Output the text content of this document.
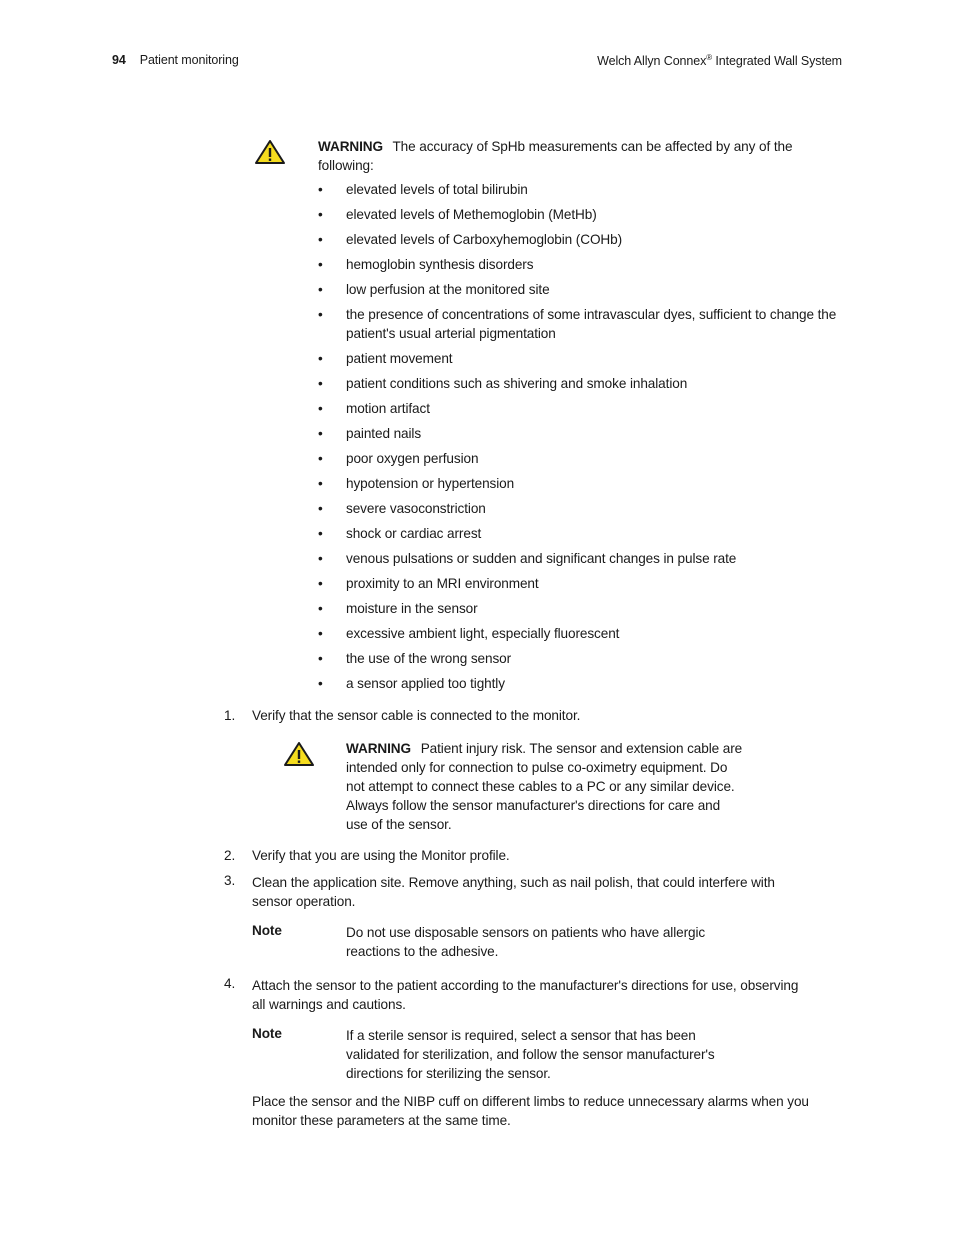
94 Patient monitoring	Welch Allyn Connex® Integrated Wall System
WARNING The accuracy of SpHb measurements can be affected by any of the
following:
• elevated levels of total bilirubin
• elevated levels of Methemoglobin (MetHb)
• elevated levels of Carboxyhemoglobin (COHb)
• hemoglobin synthesis disorders
• low perfusion at the monitored site
• the presence of concentrations of some intravascular dyes, sufficient to change the
patient's usual arterial pigmentation
• patient movement
• patient conditions such as shivering and smoke inhalation
• motion artifact
• painted nails
• poor oxygen perfusion
• hypotension or hypertension
• severe vasoconstriction
• shock or cardiac arrest
• venous pulsations or sudden and significant changes in pulse rate
• proximity to an MRI environment
• moisture in the sensor
• excessive ambient light, especially fluorescent
• the use of the wrong sensor
• a sensor applied too tightly
1. Verify that the sensor cable is connected to the monitor.
WARNING Patient injury risk. The sensor and extension cable are
intended only for connection to pulse co-oximetry equipment. Do
not attempt to connect these cables to a PC or any similar device.
Always follow the sensor manufacturer's directions for care and
use of the sensor.
2. Verify that you are using the Monitor profile.
3. Clean the application site. Remove anything, such as nail polish, that could interfere with
sensor operation.
Note	Do not use disposable sensors on patients who have allergic
reactions to the adhesive.
4. Attach the sensor to the patient according to the manufacturer's directions for use, observing
all warnings and cautions.
Note	If a sterile sensor is required, select a sensor that has been
validated for sterilization, and follow the sensor manufacturer's
directions for sterilizing the sensor.
Place the sensor and the NIBP cuff on different limbs to reduce unnecessary alarms when you
monitor these parameters at the same time.
